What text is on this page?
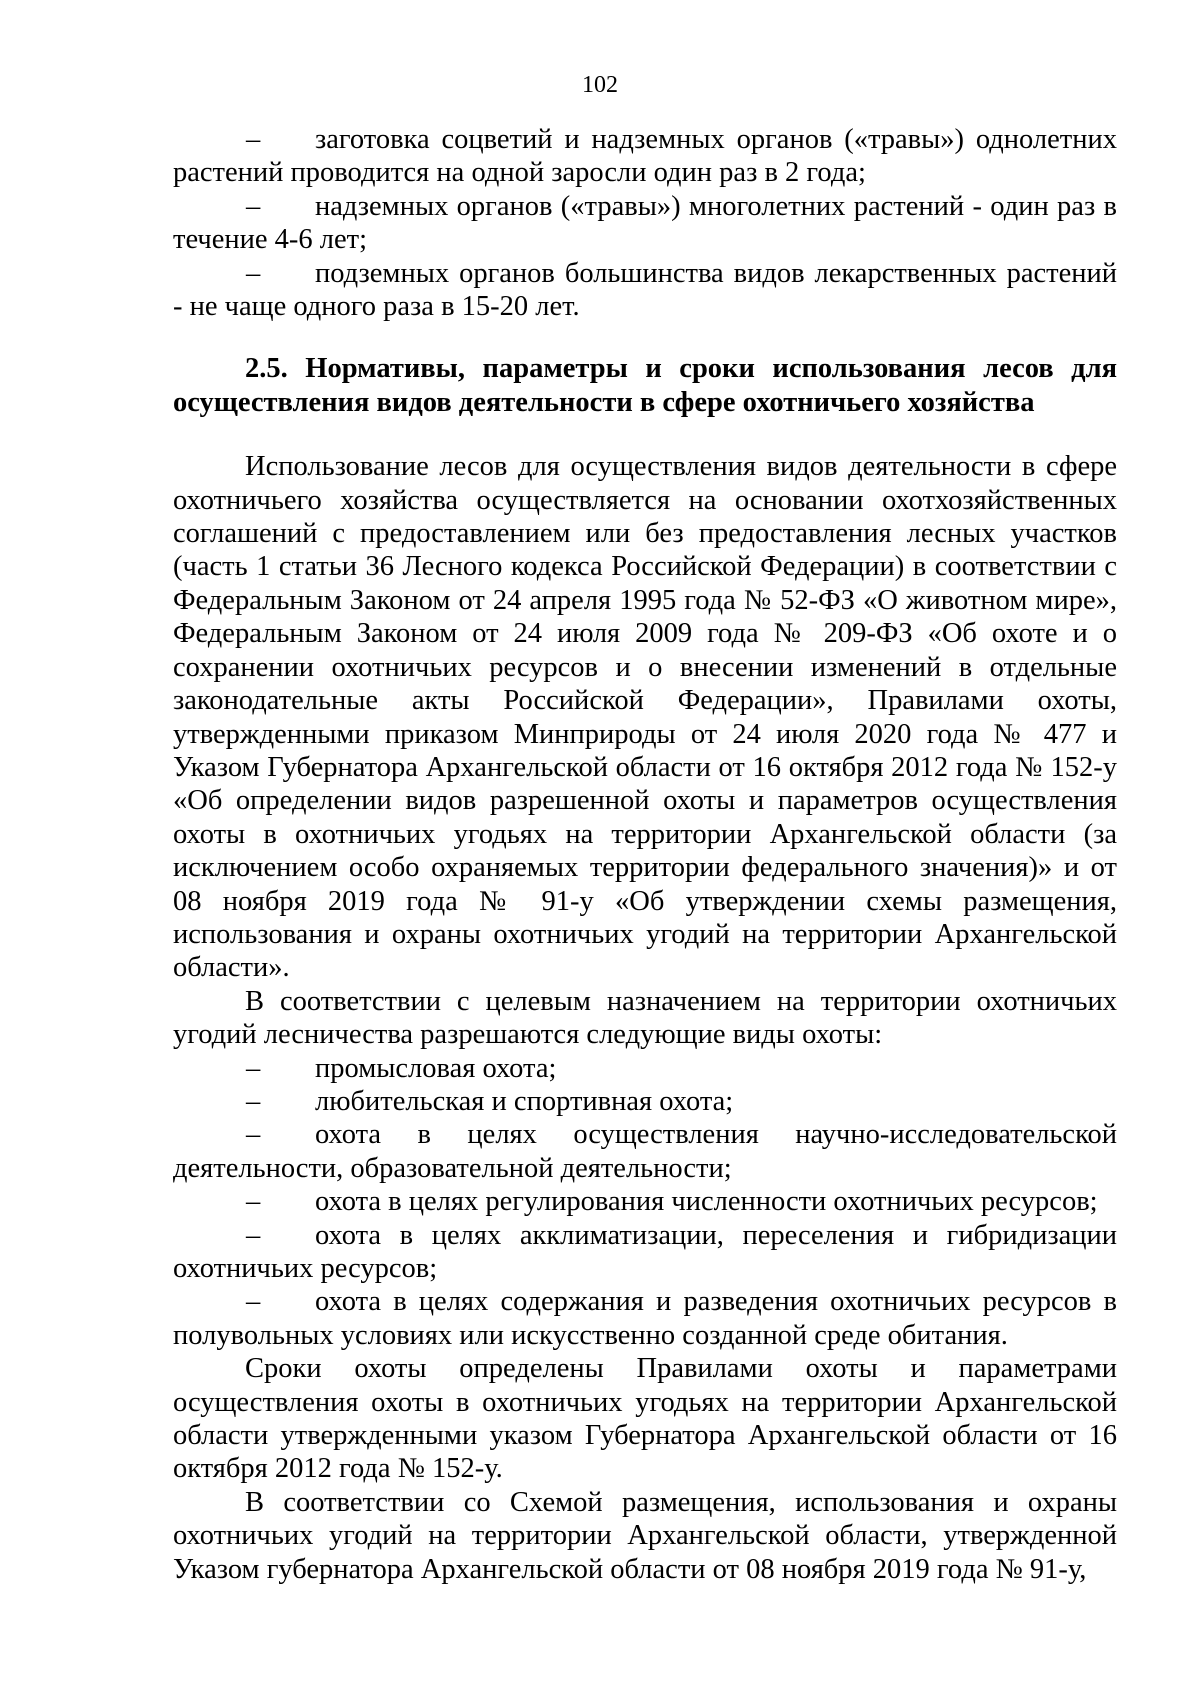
102

– заготовка соцветий и надземных органов («травы») однолетних растений проводится на одной заросли один раз в 2 года;

– надземных органов («травы») многолетних растений - один раз в течение 4-6 лет;

– подземных органов большинства видов лекарственных растений - не чаще одного раза в 15-20 лет.

2.5. Нормативы, параметры и сроки использования лесов для осуществления видов деятельности в сфере охотничьего хозяйства

Использование лесов для осуществления видов деятельности в сфере охотничьего хозяйства осуществляется на основании охотхозяйственных соглашений с предоставлением или без предоставления лесных участков (часть 1 статьи 36 Лесного кодекса Российской Федерации) в соответствии с Федеральным Законом от 24 апреля 1995 года № 52-ФЗ «О животном мире», Федеральным Законом от 24 июля 2009 года № 209-ФЗ «Об охоте и о сохранении охотничьих ресурсов и о внесении изменений в отдельные законодательные акты Российской Федерации», Правилами охоты, утвержденными приказом Минприроды от 24 июля 2020 года № 477 и Указом Губернатора Архангельской области от 16 октября 2012 года № 152-у «Об определении видов разрешенной охоты и параметров осуществления охоты в охотничьих угодьях на территории Архангельской области (за исключением особо охраняемых территории федерального значения)» и от 08 ноября 2019 года № 91-у «Об утверждении схемы размещения, использования и охраны охотничьих угодий на территории Архангельской области».

В соответствии с целевым назначением на территории охотничьих угодий лесничества разрешаются следующие виды охоты:

– промысловая охота;

– любительская и спортивная охота;

– охота в целях осуществления научно-исследовательской деятельности, образовательной деятельности;

– охота в целях регулирования численности охотничьих ресурсов;

– охота в целях акклиматизации, переселения и гибридизации охотничьих ресурсов;

– охота в целях содержания и разведения охотничьих ресурсов в полувольных условиях или искусственно созданной среде обитания.

Сроки охоты определены Правилами охоты и параметрами осуществления охоты в охотничьих угодьях на территории Архангельской области утвержденными указом Губернатора Архангельской области от 16 октября 2012 года № 152-у.

В соответствии со Схемой размещения, использования и охраны охотничьих угодий на территории Архангельской области, утвержденной Указом губернатора Архангельской области от 08 ноября 2019 года № 91-у,
